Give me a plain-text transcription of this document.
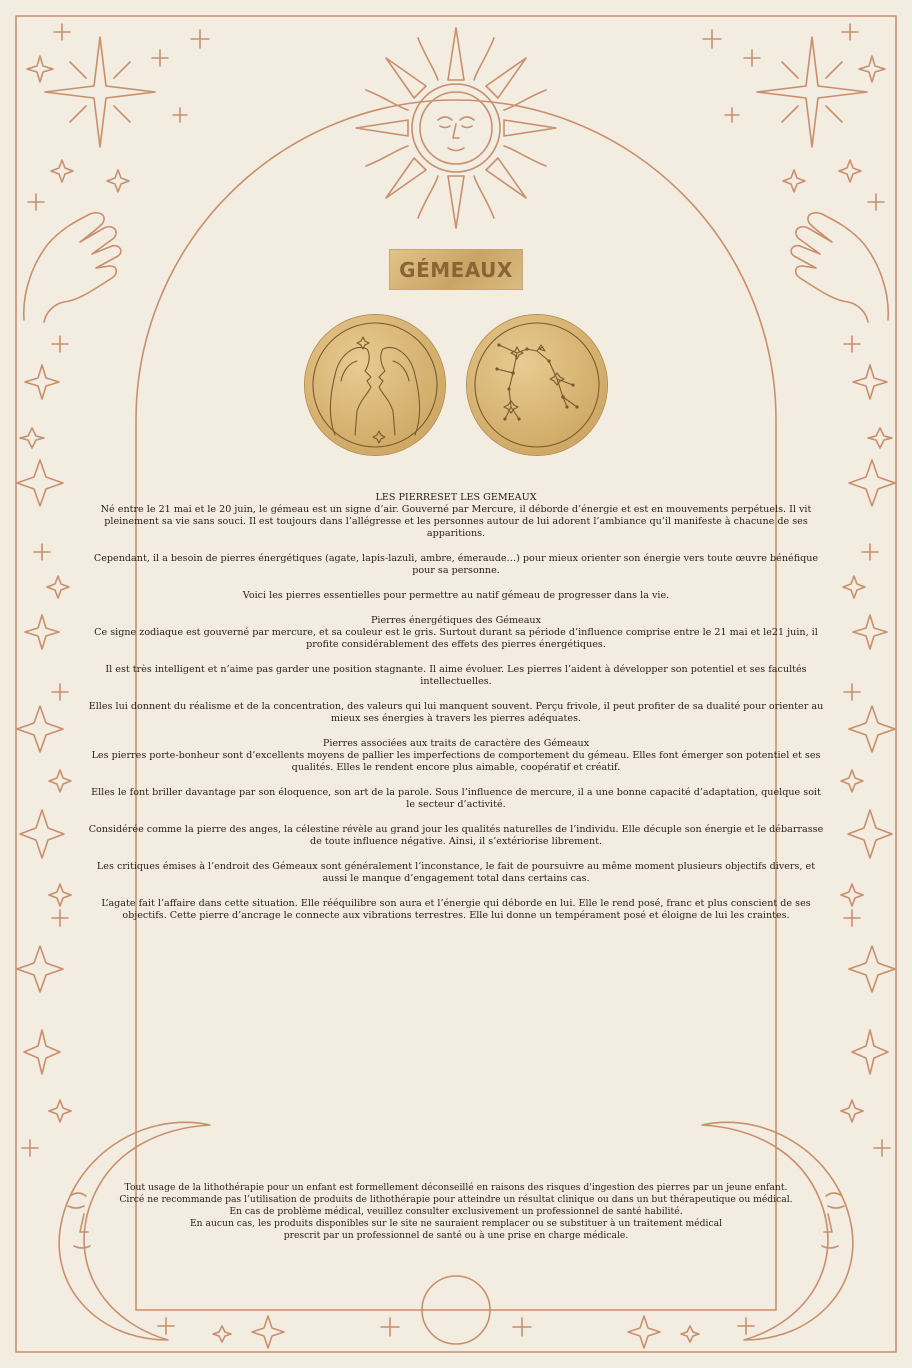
GÉMEAUX
LES PIERRESET LES GEMEAUX
Né entre le 21 mai et le 20 juin, le gémeau est un signe d’air. Gouverné par Mercure, il déborde d’énergie et est en mouvements perpétuels. Il vit pleinement sa vie sans souci. Il est toujours dans l’allégresse et les personnes autour de lui adorent l’ambiance qu’il manifeste à chacune de ses apparitions.

Cependant, il a besoin de pierres énergétiques (agate, lapis-lazuli, ambre, émeraude…) pour mieux orienter son énergie vers toute œuvre bénéfique pour sa personne.

Voici les pierres essentielles pour permettre au natif gémeau de progresser dans la vie.

Pierres énergétiques des Gémeaux
Ce signe zodiaque est gouverné par mercure, et sa couleur est le gris. Surtout durant sa période d’influence comprise entre le 21 mai et le21 juin, il profite considérablement des effets des pierres énergétiques.

Il est très intelligent et n’aime pas garder une position stagnante. Il aime évoluer. Les pierres l’aident à développer son potentiel et ses facultés intellectuelles.

Elles lui donnent du réalisme et de la concentration, des valeurs qui lui manquent souvent. Perçu frivole, il peut profiter de sa dualité pour orienter au mieux ses énergies à travers les pierres adéquates.

Pierres associées aux traits de caractère des Gémeaux
Les pierres porte-bonheur sont d’excellents moyens de pallier les imperfections de comportement du gémeau. Elles font émerger son potentiel et ses qualités. Elles le rendent encore plus aimable, coopératif et créatif.

Elles le font briller davantage par son éloquence, son art de la parole. Sous l’influence de mercure, il a une bonne capacité d’adaptation, quelque soit le secteur d’activité.

Considérée comme la pierre des anges, la célestine révèle au grand jour les qualités naturelles de l’individu. Elle décuple son énergie et le débarrasse de toute influence négative. Ainsi, il s’extériorise librement.

Les critiques émises à l’endroit des Gémeaux sont généralement l’inconstance, le fait de poursuivre au même moment plusieurs objectifs divers, et aussi le manque d’engagement total dans certains cas.

L’agate fait l’affaire dans cette situation. Elle rééquilibre son aura et l’énergie qui déborde en lui. Elle le rend posé, franc et plus conscient de ses objectifs. Cette pierre d’ancrage le connecte aux vibrations terrestres. Elle lui donne un tempérament posé et éloigne de lui les craintes.

Tout usage de la lithothérapie pour un enfant est formellement déconseillé en raisons des risques d'ingestion des pierres par un jeune enfant.
Circé ne recommande pas l’utilisation de produits de lithothérapie pour atteindre un résultat clinique ou dans un but thérapeutique ou médical.
En cas de problème médical, veuillez consulter exclusivement un professionnel de santé habilité.
En aucun cas, les produits disponibles sur le site ne sauraient remplacer ou se substituer à un traitement médical
prescrit par un professionnel de santé ou à une prise en charge médicale.
